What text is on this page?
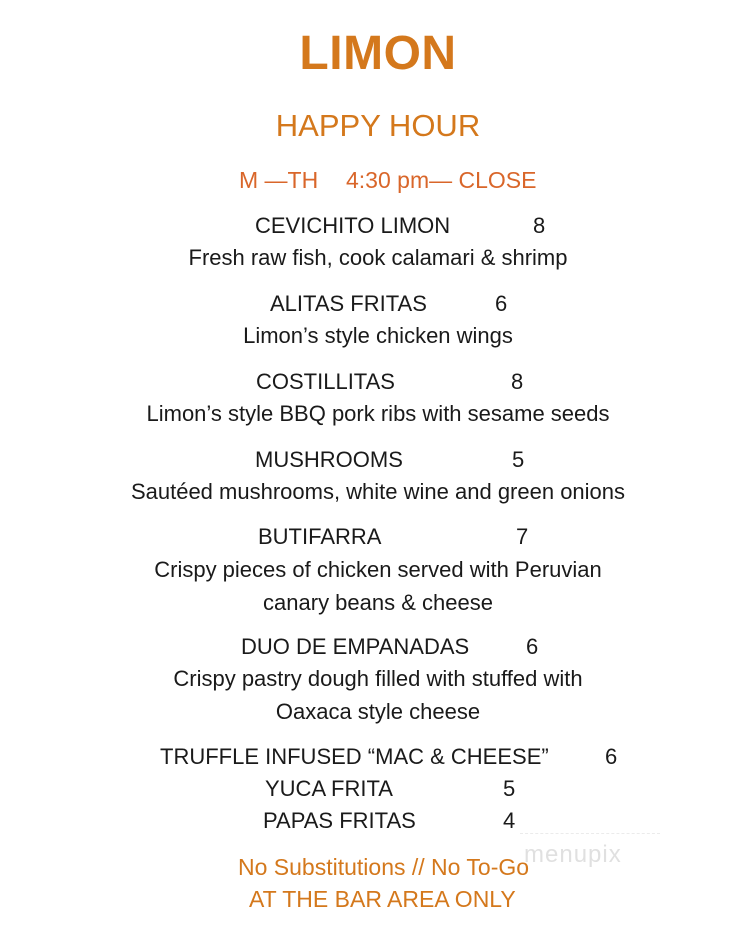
LIMON
HAPPY HOUR
M —TH 4:30 pm— CLOSE
CEVICHITO LIMON	8
Fresh raw fish, cook calamari & shrimp
ALITAS FRITAS	6
Limon’s style chicken wings
COSTILLITAS	8
Limon’s style BBQ pork ribs with sesame seeds
MUSHROOMS	5
Sautéed mushrooms, white wine and green onions
BUTIFARRA	7
Crispy pieces of chicken served with Peruvian
canary beans & cheese
DUO DE EMPANADAS	6
Crispy pastry dough filled with stuffed with
Oaxaca style cheese
TRUFFLE INFUSED “MAC & CHEESE”	6
YUCA FRITA	5
PAPAS FRITAS	4
menupix
No Substitutions // No To-Go
AT THE BAR AREA ONLY
